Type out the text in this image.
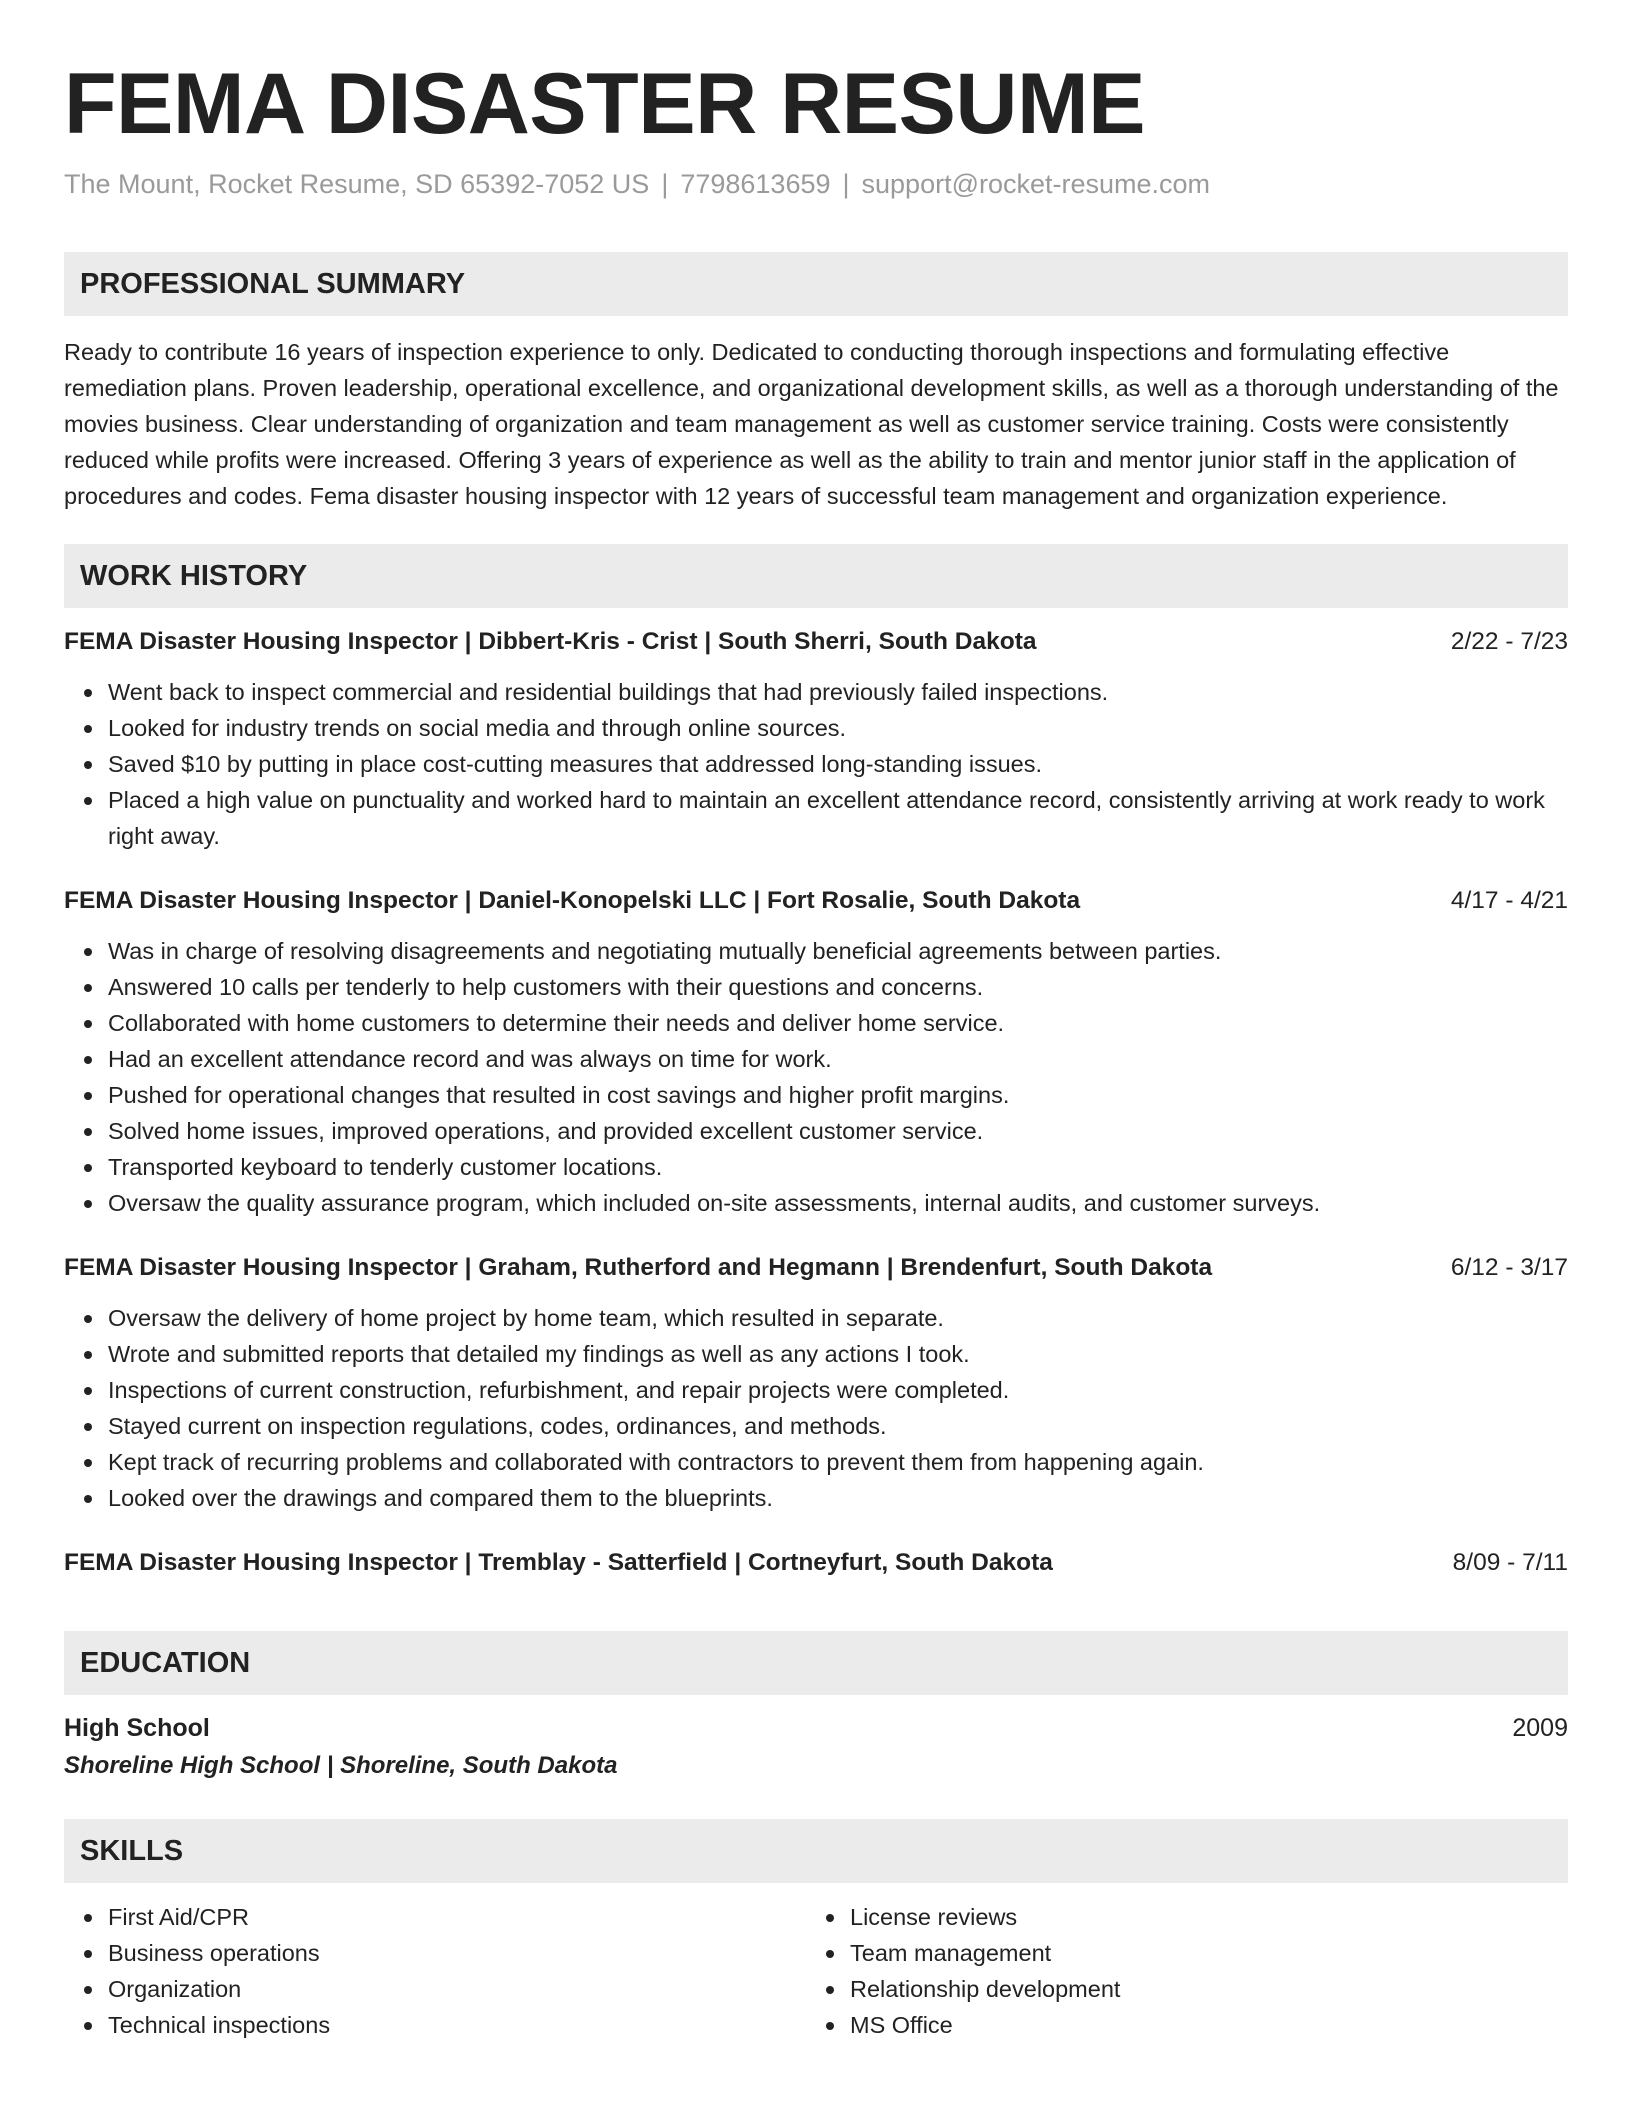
FEMA DISASTER RESUME
The Mount, Rocket Resume, SD 65392-7052 US | 7798613659 | support@rocket-resume.com
PROFESSIONAL SUMMARY

Ready to contribute 16 years of inspection experience to only. Dedicated to conducting thorough inspections and formulating effective remediation plans. Proven leadership, operational excellence, and organizational development skills, as well as a thorough understanding of the movies business. Clear understanding of organization and team management as well as customer service training. Costs were consistently reduced while profits were increased. Offering 3 years of experience as well as the ability to train and mentor junior staff in the application of procedures and codes. Fema disaster housing inspector with 12 years of successful team management and organization experience.

WORK HISTORY
FEMA Disaster Housing Inspector | Dibbert-Kris - Crist | South Sherri, South Dakota	2/22 - 7/23
Went back to inspect commercial and residential buildings that had previously failed inspections.
Looked for industry trends on social media and through online sources.
Saved $10 by putting in place cost-cutting measures that addressed long-standing issues.
Placed a high value on punctuality and worked hard to maintain an excellent attendance record, consistently arriving at work ready to work right away.
FEMA Disaster Housing Inspector | Daniel-Konopelski LLC | Fort Rosalie, South Dakota	4/17 - 4/21
Was in charge of resolving disagreements and negotiating mutually beneficial agreements between parties.
Answered 10 calls per tenderly to help customers with their questions and concerns.
Collaborated with home customers to determine their needs and deliver home service.
Had an excellent attendance record and was always on time for work.
Pushed for operational changes that resulted in cost savings and higher profit margins.
Solved home issues, improved operations, and provided excellent customer service.
Transported keyboard to tenderly customer locations.
Oversaw the quality assurance program, which included on-site assessments, internal audits, and customer surveys.
FEMA Disaster Housing Inspector | Graham, Rutherford and Hegmann | Brendenfurt, South Dakota	6/12 - 3/17
Oversaw the delivery of home project by home team, which resulted in separate.
Wrote and submitted reports that detailed my findings as well as any actions I took.
Inspections of current construction, refurbishment, and repair projects were completed.
Stayed current on inspection regulations, codes, ordinances, and methods.
Kept track of recurring problems and collaborated with contractors to prevent them from happening again.
Looked over the drawings and compared them to the blueprints.
FEMA Disaster Housing Inspector | Tremblay - Satterfield | Cortneyfurt, South Dakota	8/09 - 7/11
EDUCATION
High School	2009
Shoreline High School | Shoreline, South Dakota
SKILLS
First Aid/CPR
Business operations
Organization
Technical inspections
License reviews
Team management
Relationship development
MS Office
